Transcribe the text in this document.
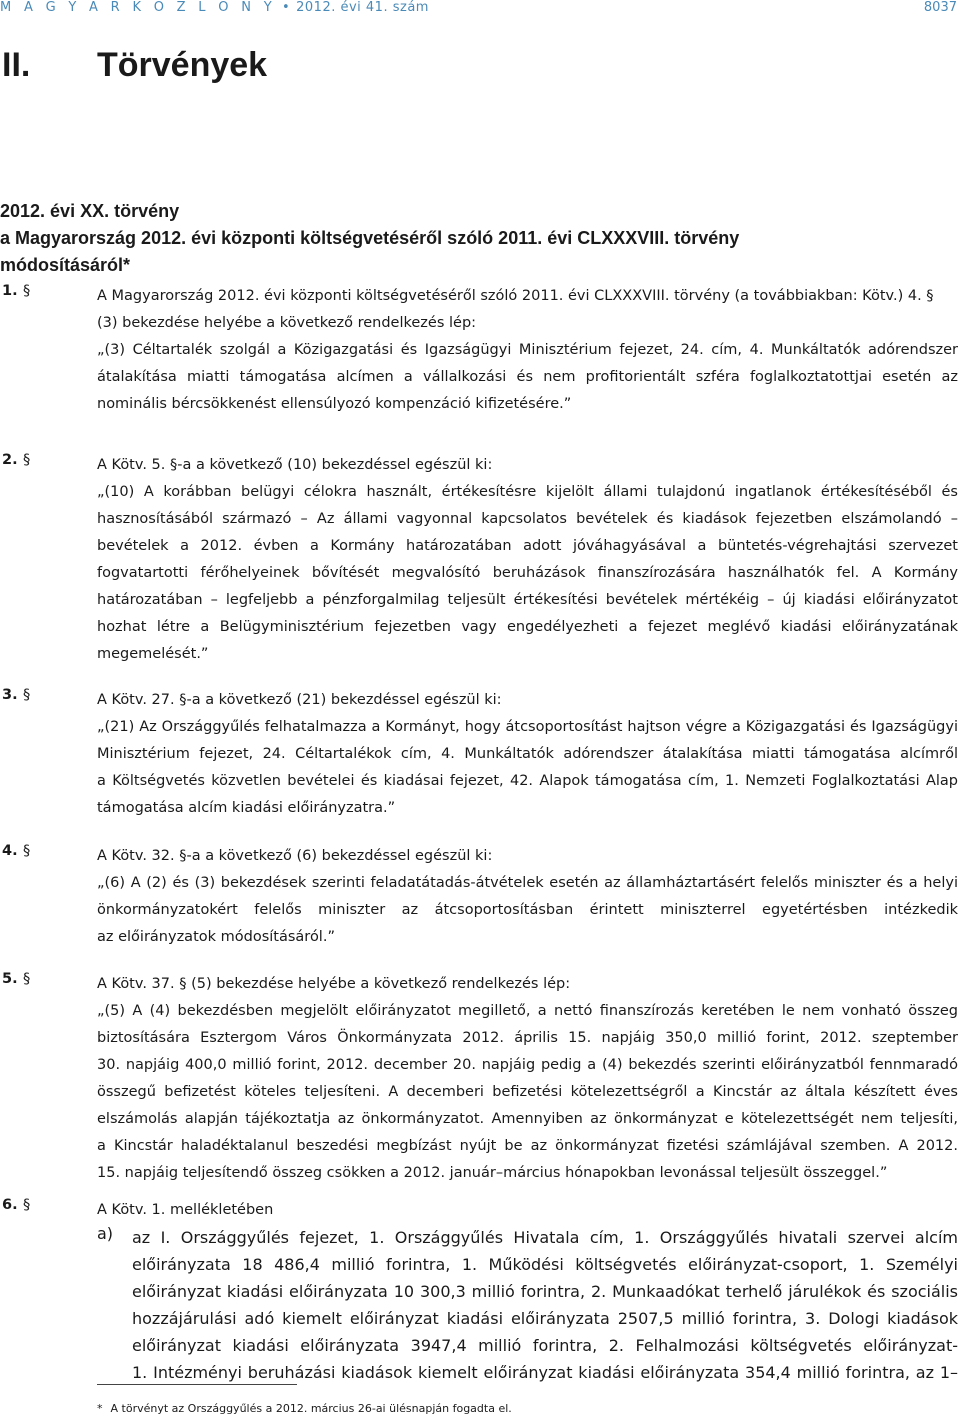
M A G Y A R K Ö Z L Ö N Y • 2012. évi 41. szám	8037
II. Törvények
2012. évi XX. törvény
a Magyarország 2012. évi központi költségvetéséről szóló 2011. évi CLXXXVIII. törvény
módosításáról*
1. §	A Magyarország 2012. évi központi költségvetéséről szóló 2011. évi CLXXXVIII. törvény (a továbbiakban: Kötv.) 4. §
(3) bekezdése helyébe a következő rendelkezés lép:
„(3) Céltartalék szolgál a Közigazgatási és Igazságügyi Minisztérium fejezet, 24. cím, 4. Munkáltatók adórendszer
átalakítása miatti támogatása alcímen a vállalkozási és nem profitorientált szféra foglalkoztatottjai esetén az
nominális bércsökkenést ellensúlyozó kompenzáció kifizetésére.”
2. §	A Kötv. 5. §-a a következő (10) bekezdéssel egészül ki:
„(10) A korábban belügyi célokra használt, értékesítésre kijelölt állami tulajdonú ingatlanok értékesítéséből és
hasznosításából származó – Az állami vagyonnal kapcsolatos bevételek és kiadások fejezetben elszámolandó –
bevételek a 2012. évben a Kormány határozatában adott jóváhagyásával a büntetés-végrehajtási szervezet
fogvatartotti férőhelyeinek bővítését megvalósító beruházások finanszírozására használhatók fel. A Kormány
határozatában – legfeljebb a pénzforgalmilag teljesült értékesítési bevételek mértékéig – új kiadási előirányzatot
hozhat létre a Belügyminisztérium fejezetben vagy engedélyezheti a fejezet meglévő kiadási előirányzatának
megemelését.”
3. §	A Kötv. 27. §-a a következő (21) bekezdéssel egészül ki:
„(21) Az Országgyűlés felhatalmazza a Kormányt, hogy átcsoportosítást hajtson végre a Közigazgatási és Igazságügyi
Minisztérium fejezet, 24. Céltartalékok cím, 4. Munkáltatók adórendszer átalakítása miatti támogatása alcímről
a Költségvetés közvetlen bevételei és kiadásai fejezet, 42. Alapok támogatása cím, 1. Nemzeti Foglalkoztatási Alap
támogatása alcím kiadási előirányzatra.”
4. §	A Kötv. 32. §-a a következő (6) bekezdéssel egészül ki:
„(6) A (2) és (3) bekezdések szerinti feladatátadás-átvételek esetén az államháztartásért felelős miniszter és a helyi
önkormányzatokért felelős miniszter az átcsoportosításban érintett miniszterrel egyetértésben intézkedik
az előirányzatok módosításáról.”
5. §	A Kötv. 37. § (5) bekezdése helyébe a következő rendelkezés lép:
„(5) A (4) bekezdésben megjelölt előirányzatot megillető, a nettó finanszírozás keretében le nem vonható összeg
biztosítására Esztergom Város Önkormányzata 2012. április 15. napjáig 350,0 millió forint, 2012. szeptember
30. napjáig 400,0 millió forint, 2012. december 20. napjáig pedig a (4) bekezdés szerinti előirányzatból fennmaradó
összegű befizetést köteles teljesíteni. A decemberi befizetési kötelezettségről a Kincstár az általa készített éves
elszámolás alapján tájékoztatja az önkormányzatot. Amennyiben az önkormányzat e kötelezettségét nem teljesíti,
a Kincstár haladéktalanul beszedési megbízást nyújt be az önkormányzat fizetési számlájával szemben. A 2012.
15. napjáig teljesítendő összeg csökken a 2012. január–március hónapokban levonással teljesült összeggel.”
6. §	A Kötv. 1. mellékletében
a) az I. Országgyűlés fejezet, 1. Országgyűlés Hivatala cím, 1. Országgyűlés hivatali szervei alcím
előirányzata 18 486,4 millió forintra, 1. Működési költségvetés előirányzat-csoport, 1. Személyi
előirányzat kiadási előirányzata 10 300,3 millió forintra, 2. Munkaadókat terhelő járulékok és szociális
hozzájárulási adó kiemelt előirányzat kiadási előirányzata 2507,5 millió forintra, 3. Dologi kiadások
előirányzat kiadási előirányzata 3947,4 millió forintra, 2. Felhalmozási költségvetés előirányzat-
1. Intézményi beruházási kiadások kiemelt előirányzat kiadási előirányzata 354,4 millió forintra, az 1–
* A törvényt az Országgyűlés a 2012. március 26-ai ülésnapján fogadta el.
